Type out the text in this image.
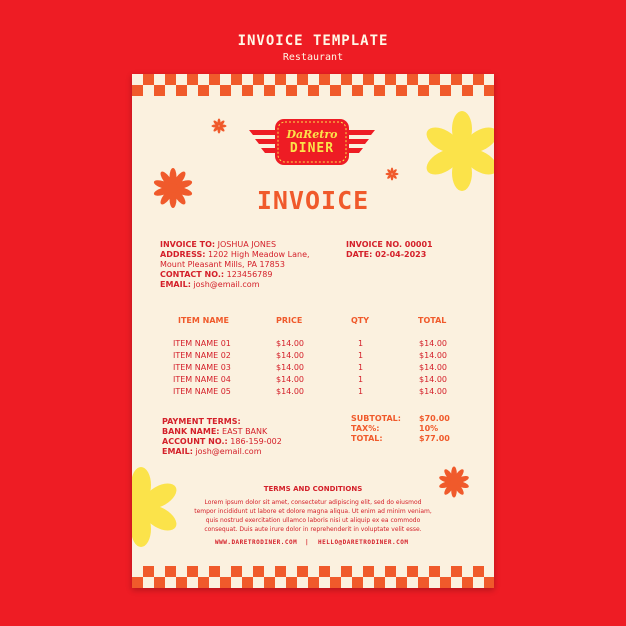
INVOICE TEMPLATE
Restaurant
DaRetro
DINER
INVOICE
INVOICE TO: JOSHUA JONES
ADDRESS: 1202 High Meadow Lane,
Mount Pleasant Mills, PA 17853
CONTACT NO.: 123456789
EMAIL: josh@email.com
INVOICE NO. 00001
DATE: 02-04-2023
ITEM NAME	PRICE	QTY	TOTAL
ITEM NAME 01	$14.00	1	$14.00
ITEM NAME 02	$14.00	1	$14.00
ITEM NAME 03	$14.00	1	$14.00
ITEM NAME 04	$14.00	1	$14.00
ITEM NAME 05	$14.00	1	$14.00
PAYMENT TERMS:
BANK NAME: EAST BANK
ACCOUNT NO.: 186-159-002
EMAIL: josh@email.com
SUBTOTAL: $70.00
TAX%:	10%
TOTAL:	$77.00
TERMS AND CONDITIONS
Lorem ipsum dolor sit amet, consectetur adipiscing elit, sed do eiusmod tempor incididunt ut labore et dolore magna aliqua. Ut enim ad minim veniam, quis nostrud exercitation ullamco laboris nisi ut aliquip ex ea commodo consequat. Duis aute irure dolor in reprehenderit in voluptate velit esse.
WWW.DARETRODINER.COM | HELLO@DARETRODINER.COM
